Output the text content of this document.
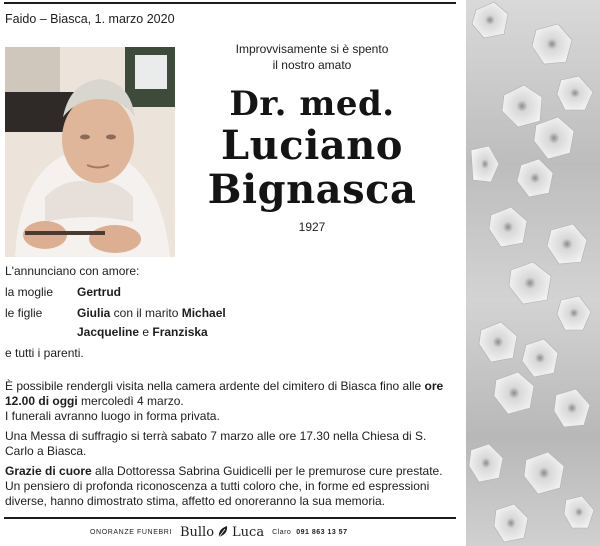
Faido – Biasca, 1. marzo 2020
Improvvisamente si è spento
il nostro amato
Dr. med.
Luciano
Bignasca
1927
L'annunciano con amore:
la moglie Gertrud
le figlie	Giulia con il marito Michael
Jacqueline e Franziska
e tutti i parenti.
È possibile rendergli visita nella camera ardente del cimitero di Biasca fino alle ore 12.00 di oggi mercoledì 4 marzo.
I funerali avranno luogo in forma privata.
Una Messa di suffragio si terrà sabato 7 marzo alle ore 17.30 nella Chiesa di S. Carlo a Biasca.
Grazie di cuore alla Dottoressa Sabrina Guidicelli per le premurose cure prestate.
Un pensiero di profonda riconoscenza a tutti coloro che, in forme ed espressioni diverse, hanno dimostrato stima, affetto ed onoreranno la sua memoria.
ONORANZE FUNEBRI Bullo Luca Claro 091 863 13 57
